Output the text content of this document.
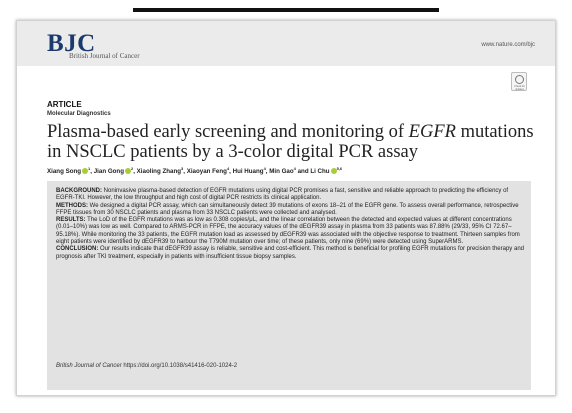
BJC
British Journal of Cancer
www.nature.com/bjc
Check for updates
ARTICLE
Molecular Diagnostics
Plasma-based early screening and monitoring of EGFR mutations in NSCLC patients by a 3-color digital PCR assay
Xiang Song $^1$, Jian Gong $^2$, Xiaoling Zhang$^3$, Xiaoyan Feng$^4$, Hui Huang$^4$, Min Gao$^4$ and Li Chu $^{5,6}$

BACKGROUND: Noninvasive plasma-based detection of EGFR mutations using digital PCR promises a fast, sensitive and reliable approach to predicting the efficiency of EGFR-TKI. However, the low throughput and high cost of digital PCR restricts its clinical application.

METHODS: We designed a digital PCR assay, which can simultaneously detect 39 mutations of exons 18–21 of the EGFR gene. To assess overall performance, retrospective FFPE tissues from 30 NSCLC patients and plasma from 33 NSCLC patients were collected and analysed.

RESULTS: The LoD of the EGFR mutations was as low as 0.308 copies/μL, and the linear correlation between the detected and expected values at different concentrations (0.01–10%) was low as well. Compared to ARMS-PCR in FFPE, the accuracy values of the dEGFR39 assay in plasma from 33 patients was 87.88% (29/33, 95% CI 72.67–95.18%). While monitoring the 33 patients, the EGFR mutation load as assessed by dEGFR39 was associated with the objective response to treatment. Thirteen samples from eight patients were identified by dEGFR39 to harbour the T790M mutation over time; of these patients, only nine (69%) were detected using SuperARMS.

CONCLUSION: Our results indicate that dEGFR39 assay is reliable, sensitive and cost-efficient. This method is beneficial for profiling EGFR mutations for precision therapy and prognosis after TKI treatment, especially in patients with insufficient tissue biopsy samples.

British Journal of Cancer https://doi.org/10.1038/s41416-020-1024-2
